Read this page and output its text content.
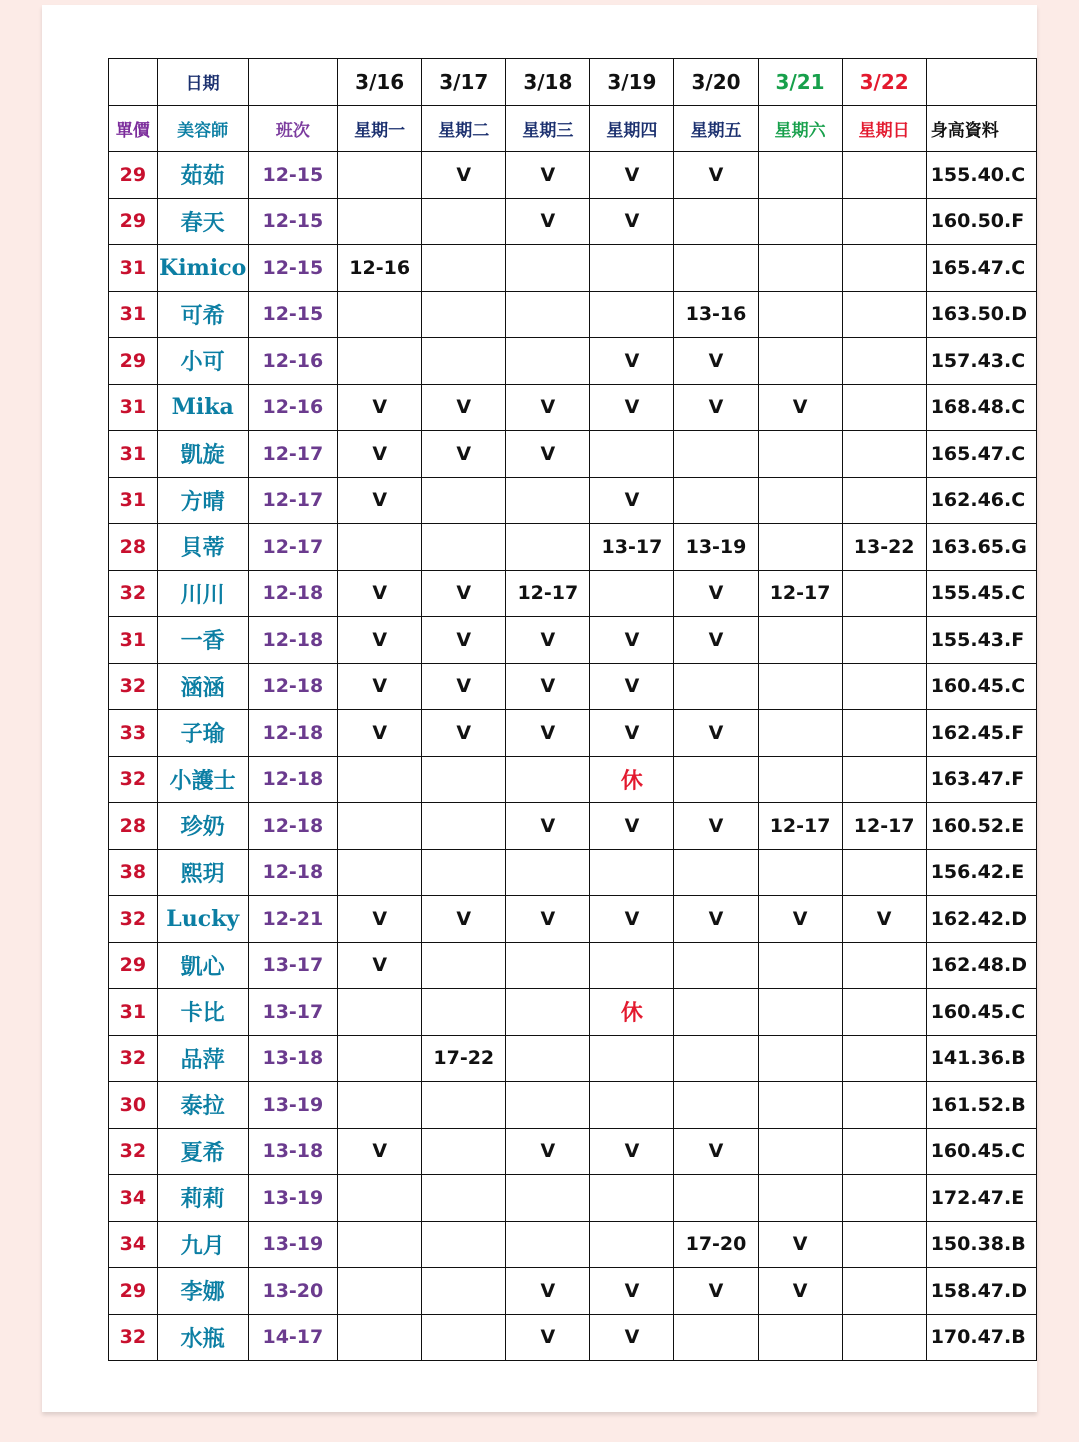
	日期		3/16	3/17	3/18	3/19	3/20	3/21	3/22	
單價	美容師	班次	星期一	星期二	星期三	星期四	星期五	星期六	星期日	身高資料
29	茹茹	12-15		V	V	V	V			155.40.C
29	春天	12-15			V	V				160.50.F
31	Kimico	12-15	12-16							165.47.C
31	可希	12-15					13-16			163.50.D
29	小可	12-16				V	V			157.43.C
31	Mika	12-16	V	V	V	V	V	V		168.48.C
31	凱旋	12-17	V	V	V					165.47.C
31	方晴	12-17	V			V				162.46.C
28	貝蒂	12-17				13-17	13-19		13-22	163.65.G
32	川川	12-18	V	V	12-17		V	12-17		155.45.C
31	一香	12-18	V	V	V	V	V			155.43.F
32	涵涵	12-18	V	V	V	V				160.45.C
33	子瑜	12-18	V	V	V	V	V			162.45.F
32	小護士	12-18				休				163.47.F
28	珍奶	12-18			V	V	V	12-17	12-17	160.52.E
38	熙玥	12-18								156.42.E
32	Lucky	12-21	V	V	V	V	V	V	V	162.42.D
29	凱心	13-17	V							162.48.D
31	卡比	13-17				休				160.45.C
32	品萍	13-18		17-22						141.36.B
30	泰拉	13-19								161.52.B
32	夏希	13-18	V		V	V	V			160.45.C
34	莉莉	13-19								172.47.E
34	九月	13-19					17-20	V		150.38.B
29	李娜	13-20			V	V	V	V		158.47.D
32	水瓶	14-17			V	V				170.47.B
